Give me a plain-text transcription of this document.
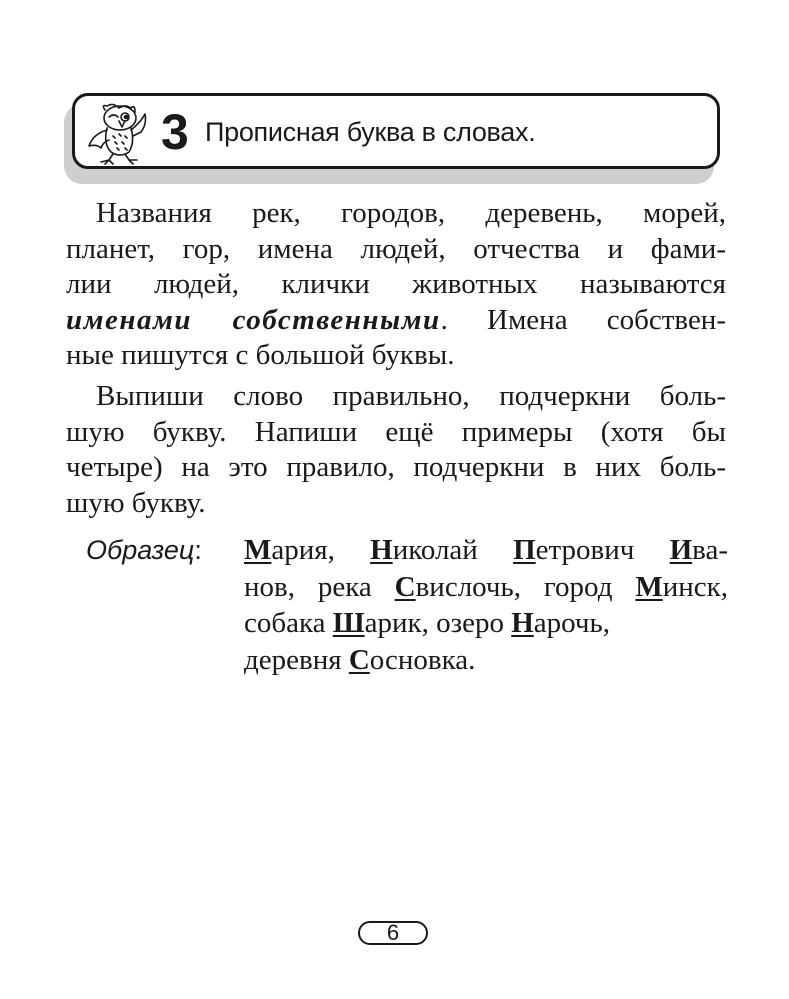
3 Прописная буква в словах.
Названия рек, городов, деревень, морей,
планет, гор, имена людей, отчества и фами-
лии людей, клички животных называются
именами собственными. Имена собствен-
ные пишутся с большой буквы.
Выпиши слово правильно, подчеркни боль-
шую букву. Напиши ещё примеры (хотя бы
четыре) на это правило, подчеркни в них боль-
шую букву.
Образец: Мария, Николай Петрович Ива-
нов, река Свислочь, город Минск,
собака Шарик, озеро Нарочь,
деревня Сосновка.
6
